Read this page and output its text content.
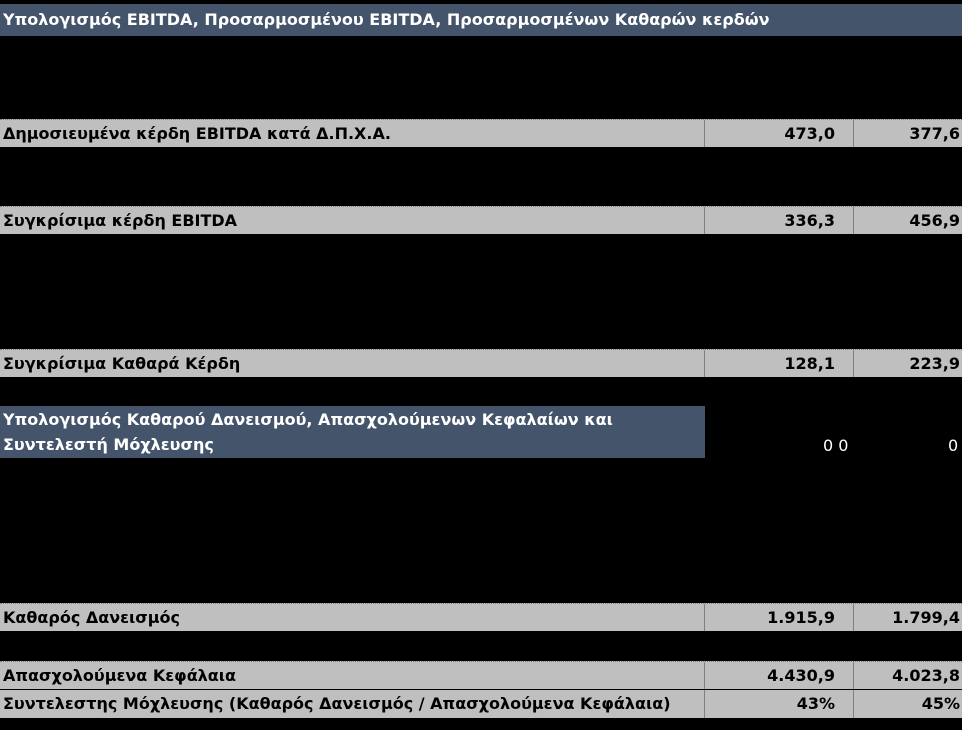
Υπολογισμός EBITDA, Προσαρμοσμένου EBITDA, Προσαρμοσμένων Καθαρών κερδών
Δημοσιευμένα κέρδη EBITDA κατά Δ.Π.Χ.Α.	473,0	377,6
Συγκρίσιμα κέρδη EBITDA	336,3	456,9
Συγκρίσιμα Καθαρά Κέρδη	128,1	223,9
Υπολογισμός Καθαρού Δανεισμού, Απασχολούμενων Κεφαλαίων και
Συντελεστή Μόχλευσης	0 0	0
Καθαρός Δανεισμός	1.915,9	1.799,4
Απασχολούμενα Κεφάλαια	4.430,9	4.023,8
Συντελεστης Μόχλευσης (Καθαρός Δανεισμός / Απασχολούμενα Κεφάλαια)	43%	45%
